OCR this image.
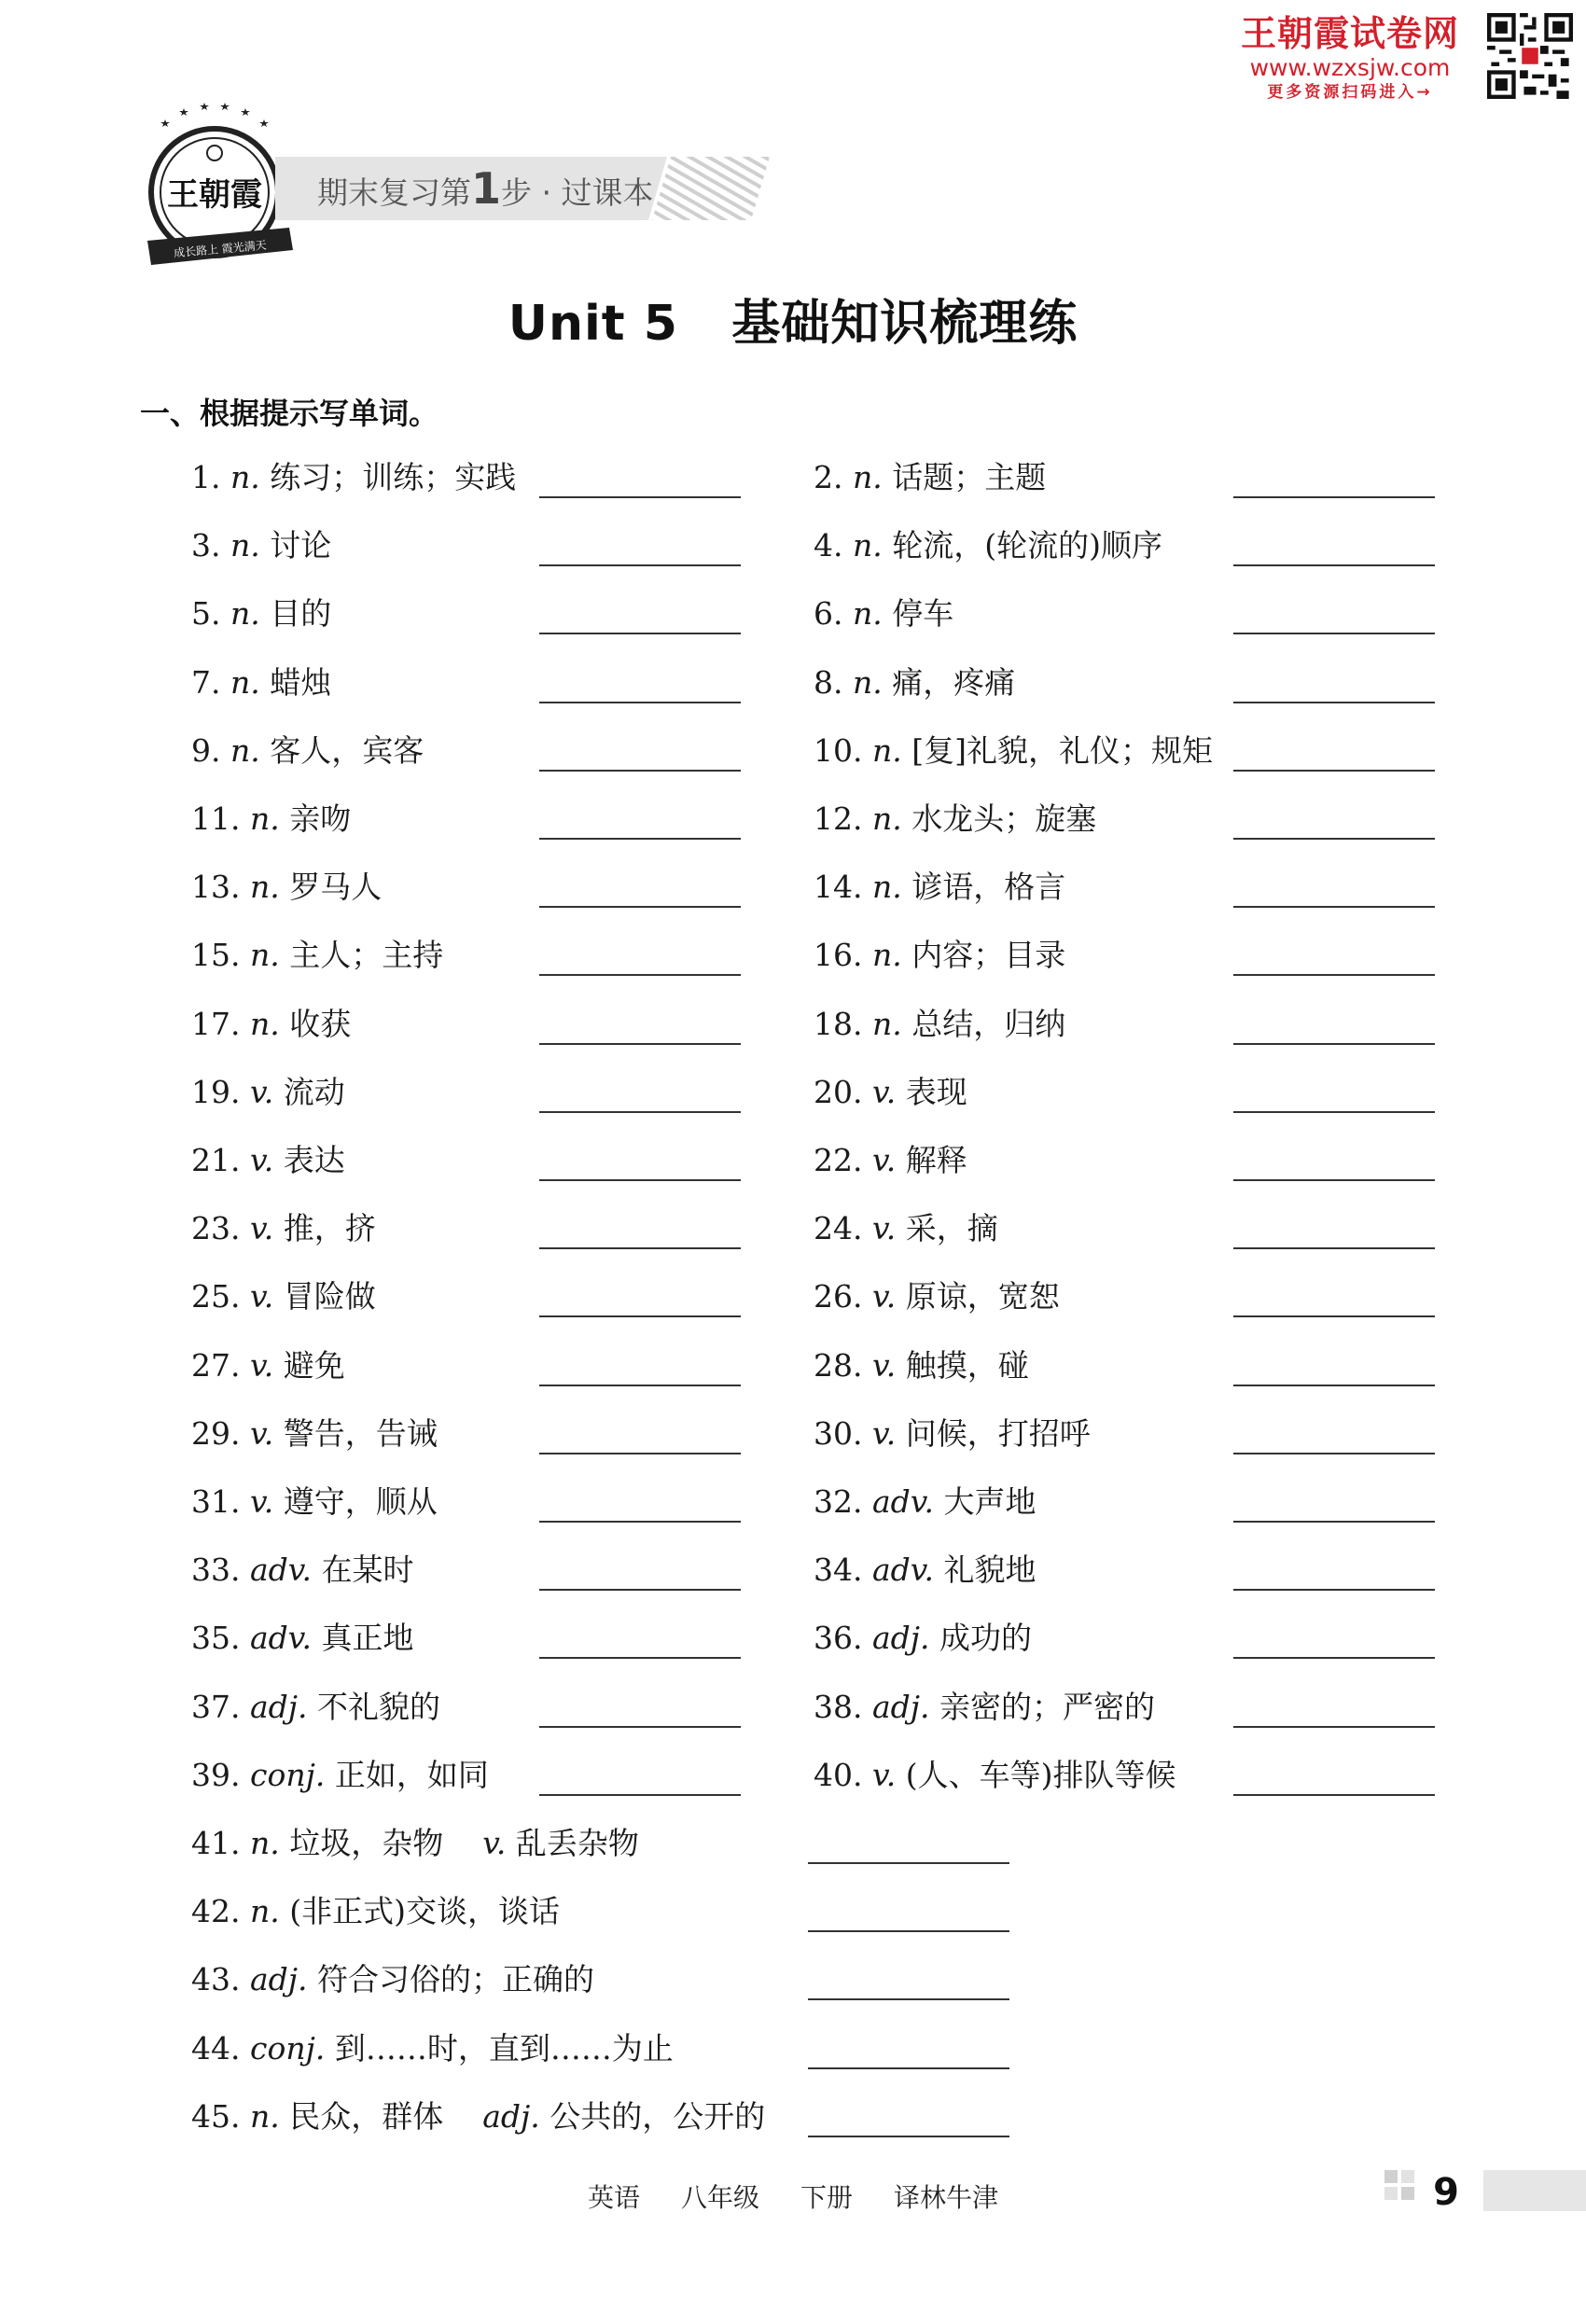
王朝霞试卷网
www.wzxsjw.com
更多资源扫码进入→
王朝霞
成长路上 霞光满天
期末复习第1步 · 过课本
Unit 5   基础知识梳理练
一、根据提示写单词。
1. n. 练习；训练；实践	2. n. 话题；主题
3. n. 讨论	4. n. 轮流，(轮流的)顺序
5. n. 目的	6. n. 停车
7. n. 蜡烛	8. n. 痛，疼痛
9. n. 客人，宾客	10. n. [复]礼貌，礼仪；规矩
11. n. 亲吻	12. n. 水龙头；旋塞
13. n. 罗马人	14. n. 谚语，格言
15. n. 主人；主持	16. n. 内容；目录
17. n. 收获	18. n. 总结，归纳
19. v. 流动	20. v. 表现
21. v. 表达	22. v. 解释
23. v. 推，挤	24. v. 采，摘
25. v. 冒险做	26. v. 原谅，宽恕
27. v. 避免	28. v. 触摸，碰
29. v. 警告，告诫	30. v. 问候，打招呼
31. v. 遵守，顺从	32. adv. 大声地
33. adv. 在某时	34. adv. 礼貌地
35. adv. 真正地	36. adj. 成功的
37. adj. 不礼貌的	38. adj. 亲密的；严密的
39. conj. 正如，如同	40. v. (人、车等)排队等候
41. n. 垃圾，杂物 v. 乱丢杂物
42. n. (非正式)交谈，谈话
43. adj. 符合习俗的；正确的
44. conj. 到……时，直到……为止
45. n. 民众，群体 adj. 公共的，公开的
英语 八年级 下册 译林牛津	9
